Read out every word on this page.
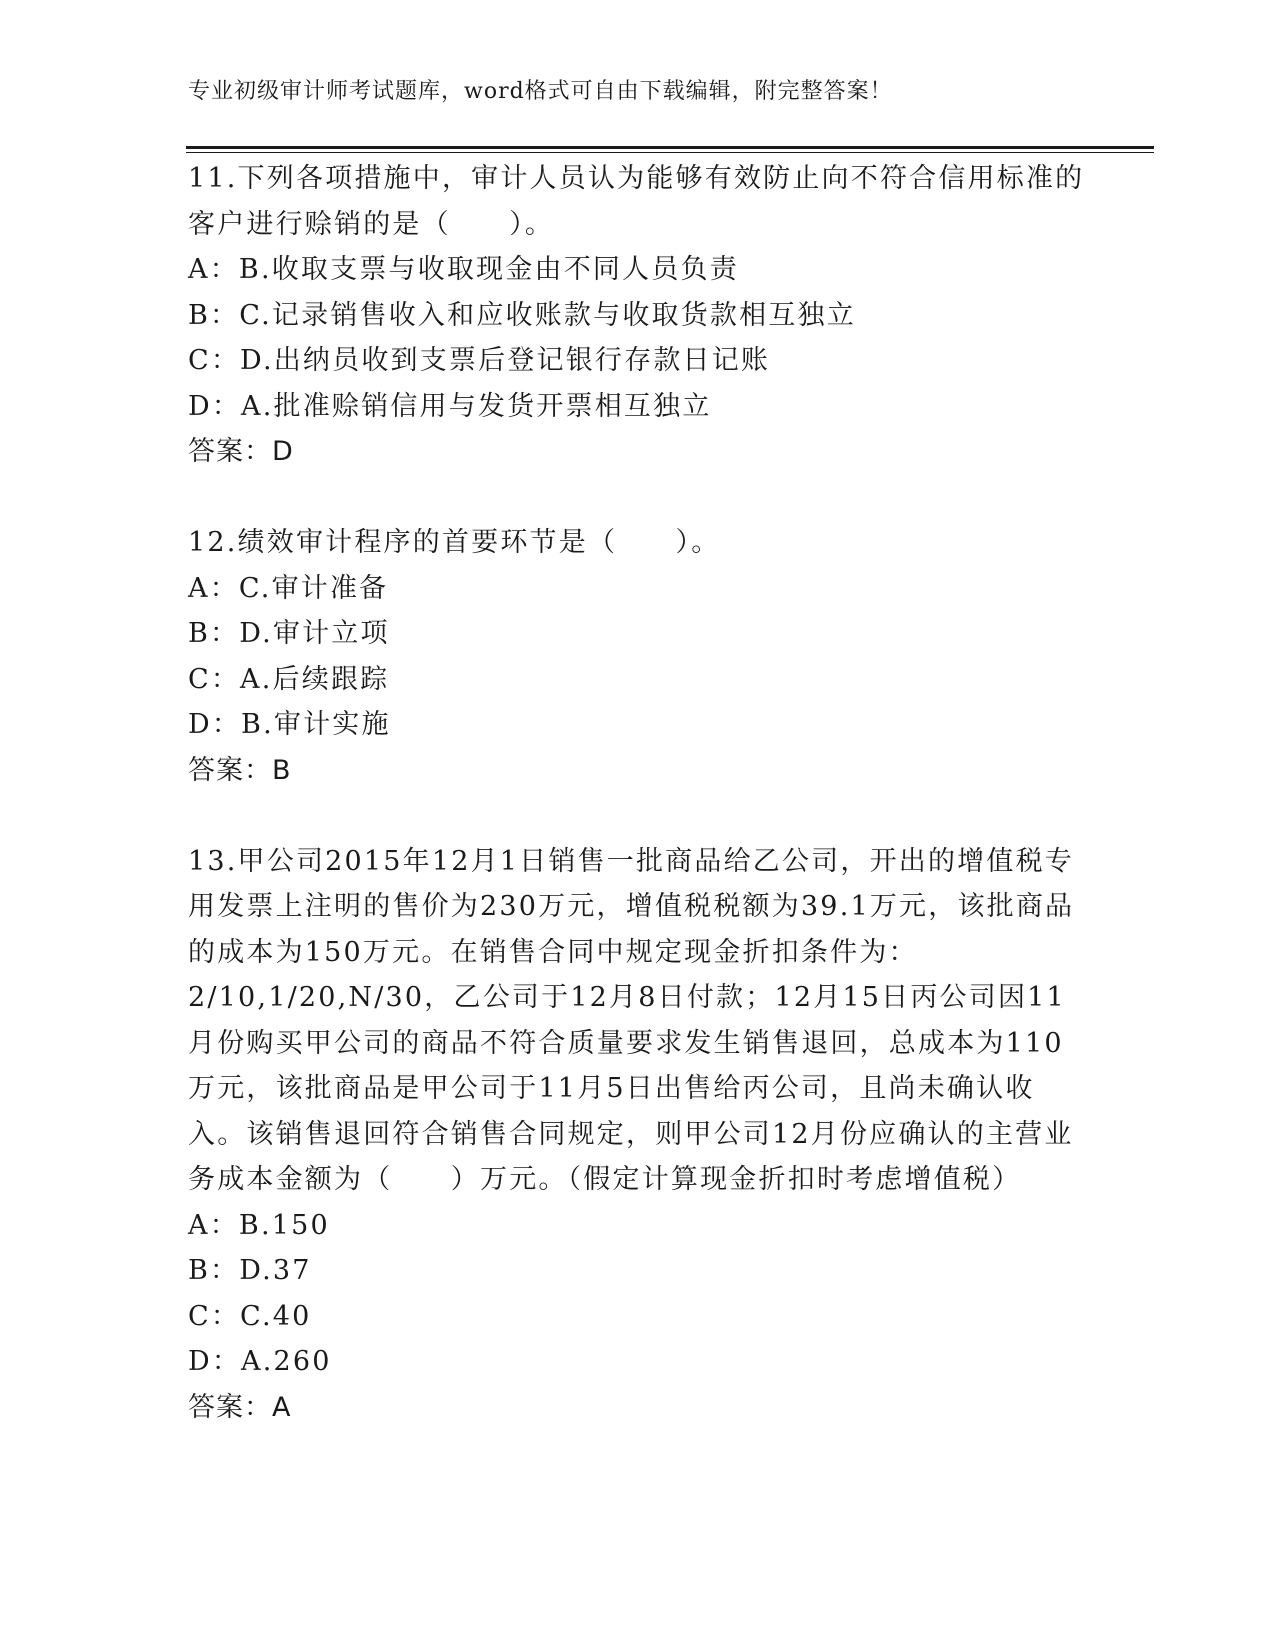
专业初级审计师考试题库，word格式可自由下载编辑，附完整答案！

11.下列各项措施中，审计人员认为能够有效防止向不符合信用标准的客户进行赊销的是（　　）。

A：B.收取支票与收取现金由不同人员负责

B：C.记录销售收入和应收账款与收取货款相互独立

C：D.出纳员收到支票后登记银行存款日记账

D：A.批准赊销信用与发货开票相互独立

答案：D

12.绩效审计程序的首要环节是（　　）。

A：C.审计准备

B：D.审计立项

C：A.后续跟踪

D：B.审计实施

答案：B

13.甲公司2015年12月1日销售一批商品给乙公司，开出的增值税专用发票上注明的售价为230万元，增值税税额为39.1万元，该批商品的成本为150万元。在销售合同中规定现金折扣条件为：2/10,1/20,N/30，乙公司于12月8日付款；12月15日丙公司因11月份购买甲公司的商品不符合质量要求发生销售退回，总成本为110万元，该批商品是甲公司于11月5日出售给丙公司，且尚未确认收入。该销售退回符合销售合同规定，则甲公司12月份应确认的主营业务成本金额为（　　）万元。（假定计算现金折扣时考虑增值税）

A：B.150

B：D.37

C：C.40

D：A.260

答案：A
